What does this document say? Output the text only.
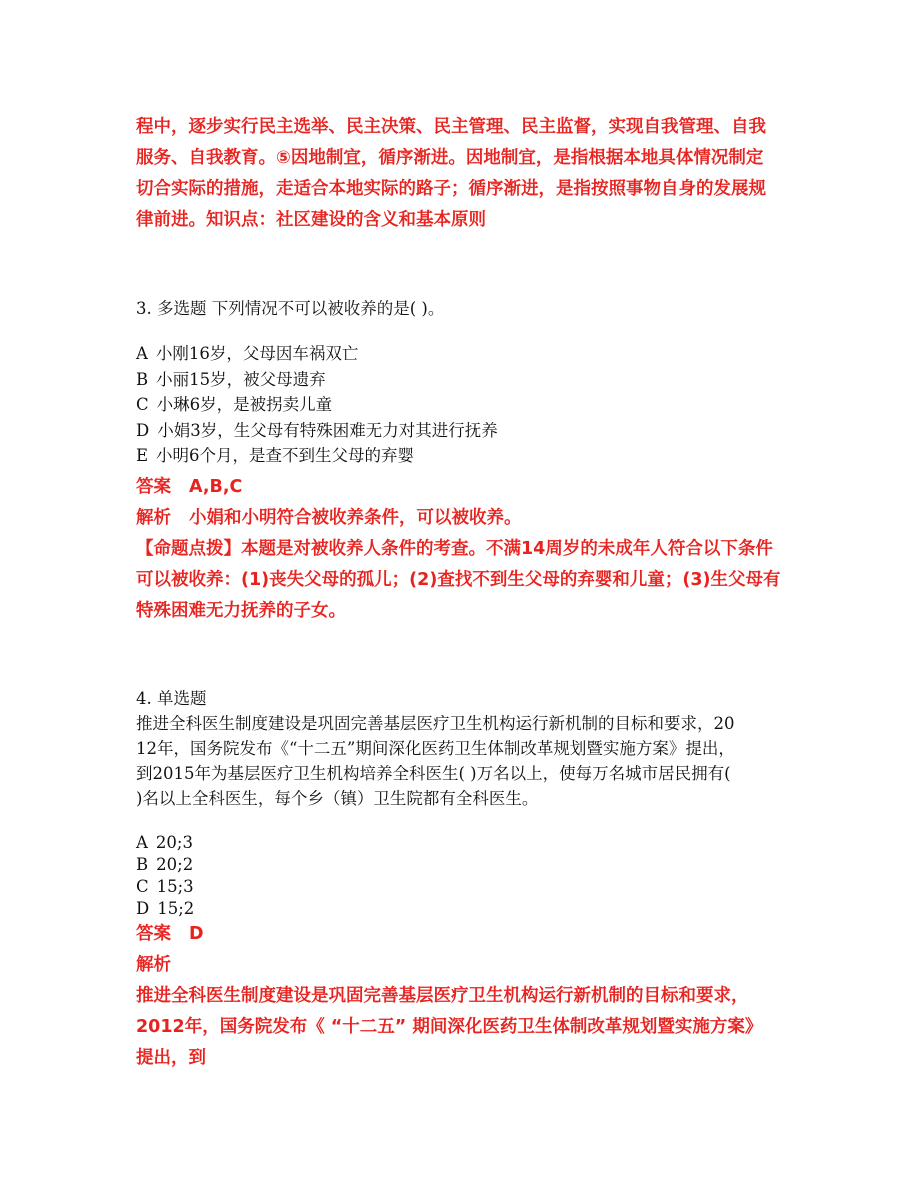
程中，逐步实行民主选举、民主决策、民主管理、民主监督，实现自我管理、自我
服务、自我教育。⑤因地制宜，循序渐进。因地制宜，是指根据本地具体情况制定
切合实际的措施，走适合本地实际的路子；循序渐进，是指按照事物自身的发展规
律前进。知识点：社区建设的含义和基本原则
3. 多选题 下列情况不可以被收养的是( )。
A 小刚16岁，父母因车祸双亡
B 小丽15岁，被父母遗弃
C 小琳6岁，是被拐卖儿童
D 小娟3岁，生父母有特殊困难无力对其进行抚养
E 小明6个月，是查不到生父母的弃婴
答案 A,B,C
解析 小娟和小明符合被收养条件，可以被收养。
【命题点拨】本题是对被收养人条件的考查。不满14周岁的未成年人符合以下条件
可以被收养：(1)丧失父母的孤儿；(2)查找不到生父母的弃婴和儿童；(3)生父母有
特殊困难无力抚养的子女。
4. 单选题
推进全科医生制度建设是巩固完善基层医疗卫生机构运行新机制的目标和要求，20
12年，国务院发布《“十二五”期间深化医药卫生体制改革规划暨实施方案》提出，
到2015年为基层医疗卫生机构培养全科医生( )万名以上，使每万名城市居民拥有(
)名以上全科医生，每个乡（镇）卫生院都有全科医生。
A 20;3
B 20;2
C 15;3
D 15;2
答案 D
解析
推进全科医生制度建设是巩固完善基层医疗卫生机构运行新机制的目标和要求，
2012年，国务院发布《 “十二五” 期间深化医药卫生体制改革规划暨实施方案》
提出，到
